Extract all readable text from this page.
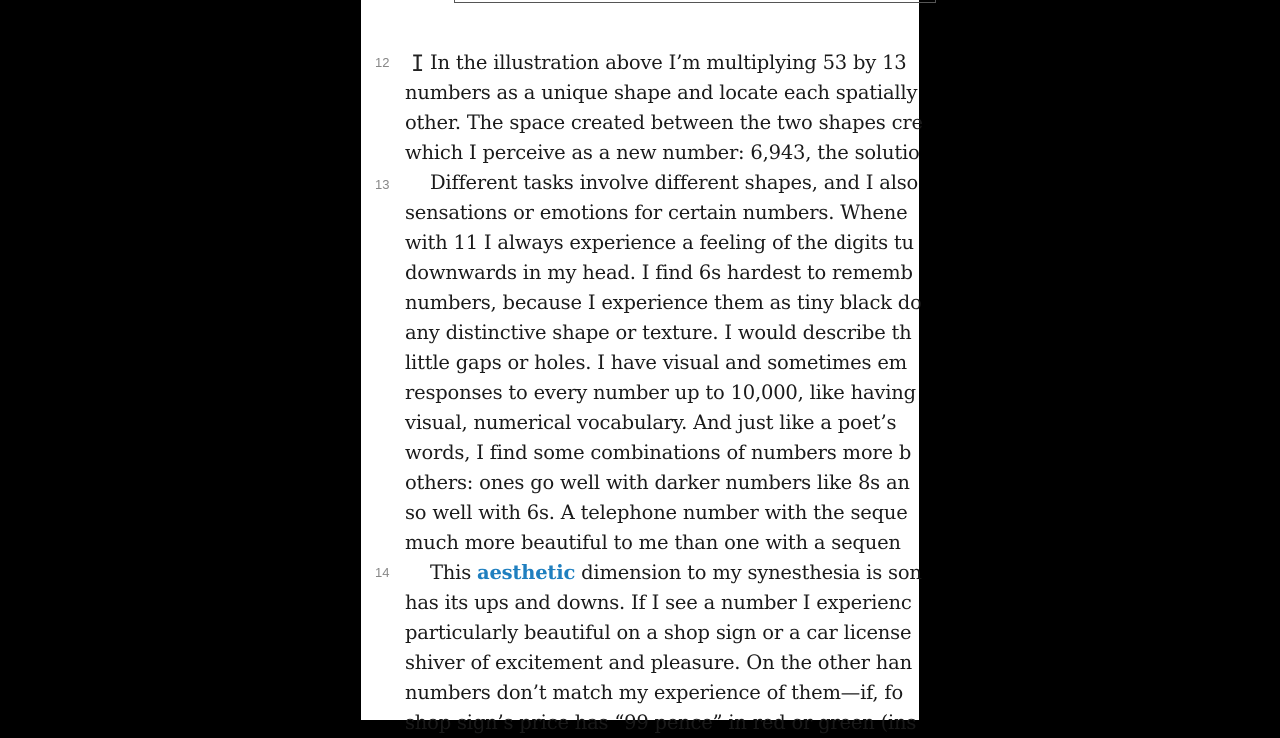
I
12 In the illustration above I’m multiplying 53 by 13
numbers as a unique shape and locate each spatially
other. The space created between the two shapes cre
which I perceive as a new number: 6,943, the solutio
13 Different tasks involve different shapes, and I also
sensations or emotions for certain numbers. Whene
with 11 I always experience a feeling of the digits tu
downwards in my head. I find 6s hardest to rememb
numbers, because I experience them as tiny black do
any distinctive shape or texture. I would describe th
little gaps or holes. I have visual and sometimes em
responses to every number up to 10,000, like having
visual, numerical vocabulary. And just like a poet’s
words, I find some combinations of numbers more b
others: ones go well with darker numbers like 8s an
so well with 6s. A telephone number with the seque
much more beautiful to me than one with a sequen
14 This aesthetic dimension to my synesthesia is son
has its ups and downs. If I see a number I experienc
particularly beautiful on a shop sign or a car license
shiver of excitement and pleasure. On the other han
numbers don’t match my experience of them—if, fo
shop sign’s price has “99 pence” in red or green (ins
